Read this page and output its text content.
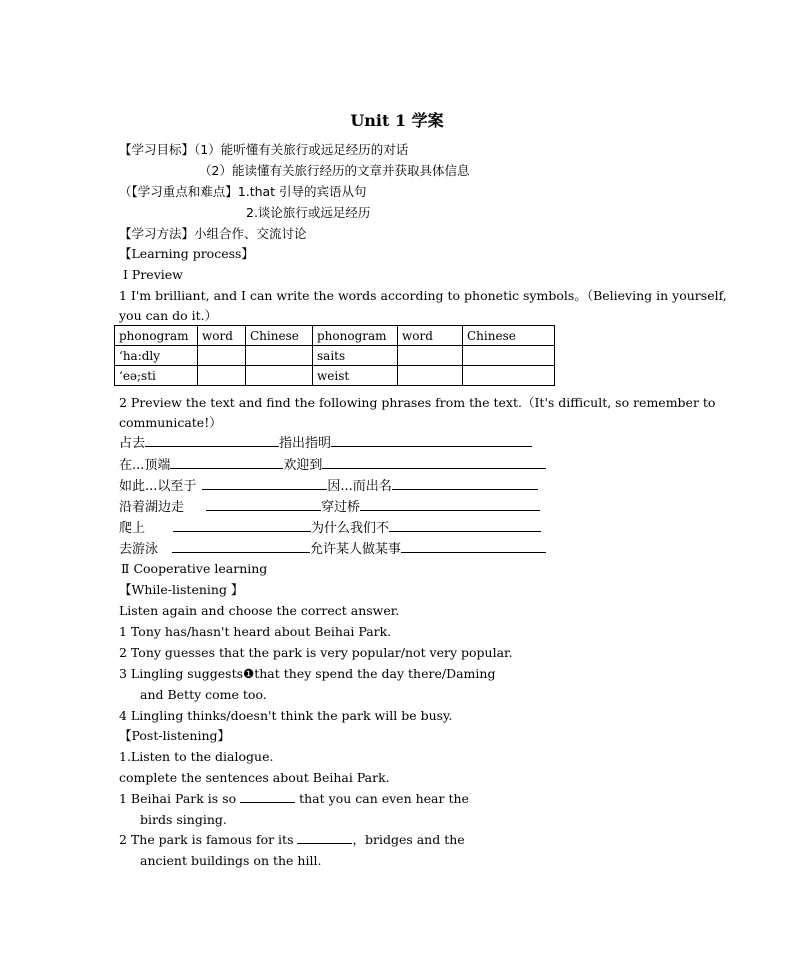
Unit 1 学案
【学习目标】（1）能听懂有关旅行或远足经历的对话
（2）能读懂有关旅行经历的文章并获取具体信息
（【学习重点和难点】1.that 引导的宾语从句
2.谈论旅行或远足经历
【学习方法】小组合作、交流讨论
【Learning process】
Ⅰ Preview
1 I'm brilliant, and I can write the words according to phonetic symbols。（Believing in yourself,
you can do it.）
phonogram	word	Chinese	phonogram	word	Chinese
‘ha:dly			saits		
‘eə;sti			weist		
2 Preview the text and find the following phrases from the text.（It's difficult, so remember to
communicate!）
占去	指出指明
在...顶端	欢迎到
如此...以至于	因...而出名
沿着湖边走	穿过桥
爬上	为什么我们不
去游泳	允许某人做某事
Ⅱ Cooperative learning
【While-listening 】
Listen again and choose the correct answer.
1 Tony has/hasn't heard about Beihai Park.
2 Tony guesses that the park is very popular/not very popular.
3 Lingling suggests❶that they spend the day there/Daming
and Betty come too.
4 Lingling thinks/doesn't think the park will be busy.
【Post-listening】
1.Listen to the dialogue.
complete the sentences about Beihai Park.
1 Beihai Park is so	that you can even hear the
birds singing.
2 The park is famous for its	，bridges and the
ancient buildings on the hill.
